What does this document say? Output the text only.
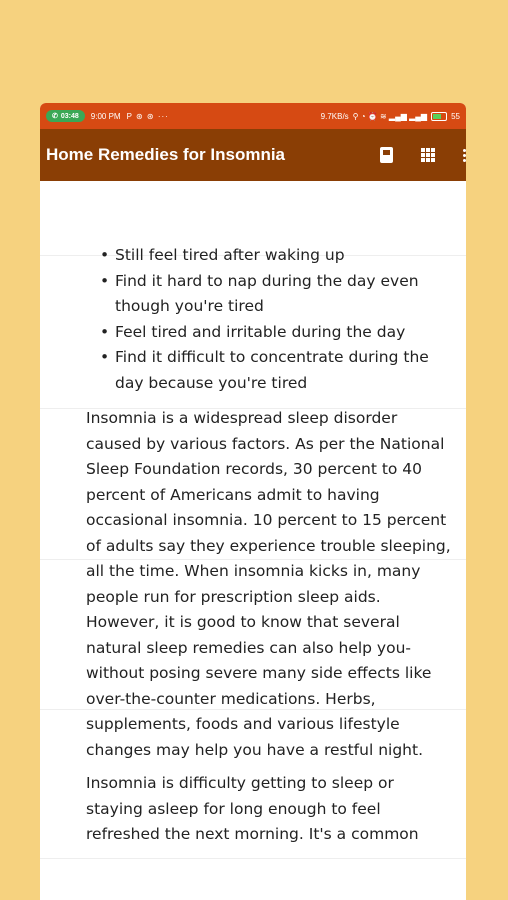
✆ 03:48 9:00 PM P ⊛ ⊛ ···	9.7KB/s ⚲ ◔ ⏰ ≋ ▂▄▆ ▂▄▆	55
Home Remedies for Insomnia
• Still feel tired after waking up
• Find it hard to nap during the day even though you're tired
• Feel tired and irritable during the day
• Find it difficult to concentrate during the day because you're tired

Insomnia is a widespread sleep disorder caused by various factors. As per the National Sleep Foundation records, 30 percent to 40 percent of Americans admit to having occasional insomnia. 10 percent to 15 percent of adults say they experience trouble sleeping, all the time. When insomnia kicks in, many people run for prescription sleep aids. However, it is good to know that several natural sleep remedies can also help you- without posing severe many side effects like over-the-counter medications. Herbs, supplements, foods and various lifestyle changes may help you have a restful night.

Insomnia is difficulty getting to sleep or staying asleep for long enough to feel refreshed the next morning. It's a common
